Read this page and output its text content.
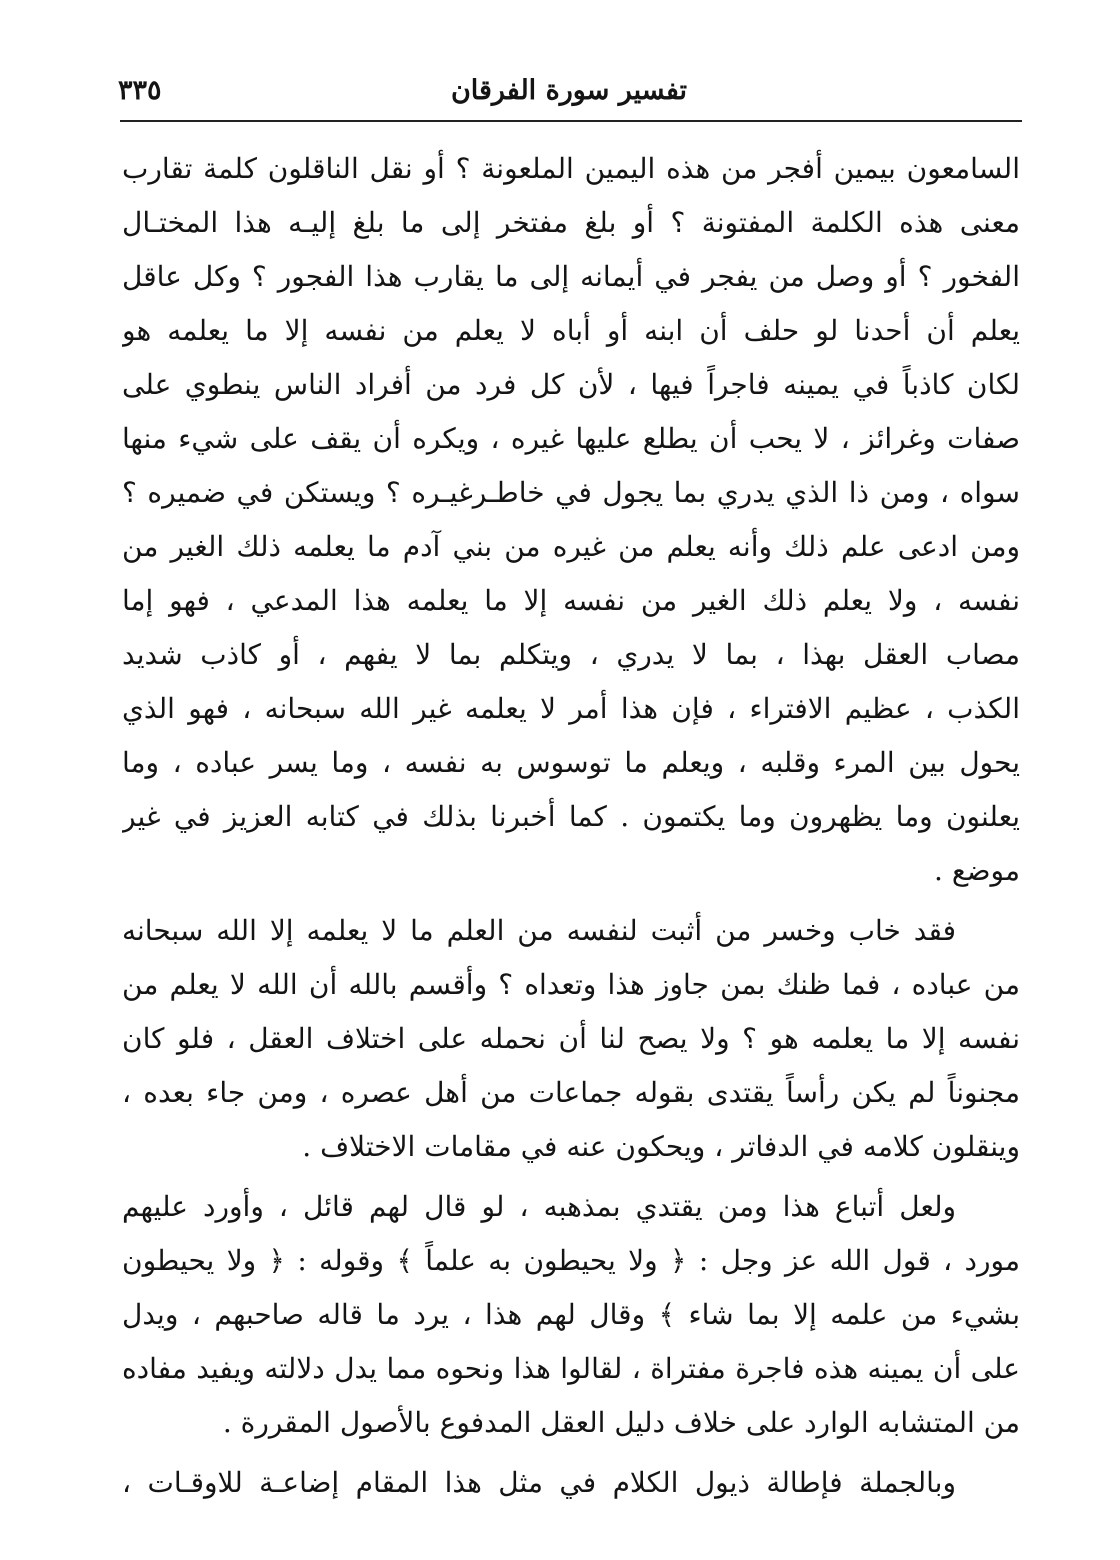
تفسير سورة الفرقان
٣٣٥
السامعون بيمين أفجر من هذه اليمين الملعونة ؟ أو نقل الناقلون كلمة تقارب
معنى هذه الكلمة المفتونة ؟ أو بلغ مفتخر إلى ما بلغ إليـه هذا المختـال
الفخور ؟ أو وصل من يفجر في أيمانه إلى ما يقارب هذا الفجور ؟ وكل عاقل
يعلم أن أحدنا لو حلف أن ابنه أو أباه لا يعلم من نفسه إلا ما يعلمه هو
لكان كاذباً في يمينه فاجراً فيها ، لأن كل فرد من أفراد الناس ينطوي على
صفات وغرائز ، لا يحب أن يطلع عليها غيره ، ويكره أن يقف على شيء منها
سواه ، ومن ذا الذي يدري بما يجول في خاطـرغيـره ؟ ويستكن في ضميره ؟
ومن ادعى علم ذلك وأنه يعلم من غيره من بني آدم ما يعلمه ذلك الغير من
نفسه ، ولا يعلم ذلك الغير من نفسه إلا ما يعلمه هذا المدعي ، فهو إما
مصاب العقل بهذا ، بما لا يدري ، ويتكلم بما لا يفهم ، أو كاذب شديد
الكذب ، عظيم الافتراء ، فإن هذا أمر لا يعلمه غير الله سبحانه ، فهو الذي
يحول بين المرء وقلبه ، ويعلم ما توسوس به نفسه ، وما يسر عباده ، وما
يعلنون وما يظهرون وما يكتمون . كما أخبرنا بذلك في كتابه العزيز في غير
موضع .
فقد خاب وخسر من أثبت لنفسه من العلم ما لا يعلمه إلا الله سبحانه
من عباده ، فما ظنك بمن جاوز هذا وتعداه ؟ وأقسم بالله أن الله لا يعلم من
نفسه إلا ما يعلمه هو ؟ ولا يصح لنا أن نحمله على اختلاف العقل ، فلو كان
مجنوناً لم يكن رأساً يقتدى بقوله جماعات من أهل عصره ، ومن جاء بعده ،
وينقلون كلامه في الدفاتر ، ويحكون عنه في مقامات الاختلاف .
ولعل أتباع هذا ومن يقتدي بمذهبه ، لو قال لهم قائل ، وأورد عليهم
مورد ، قول الله عز وجل : ﴿ ولا يحيطون به علماً ﴾ وقوله : ﴿ ولا يحيطون
بشيء من علمه إلا بما شاء ﴾ وقال لهم هذا ، يرد ما قاله صاحبهم ، ويدل
على أن يمينه هذه فاجرة مفتراة ، لقالوا هذا ونحوه مما يدل دلالته ويفيد مفاده
من المتشابه الوارد على خلاف دليل العقل المدفوع بالأصول المقررة .
وبالجملة فإطالة ذيول الكلام في مثل هذا المقام إضاعـة للاوقـات ،
